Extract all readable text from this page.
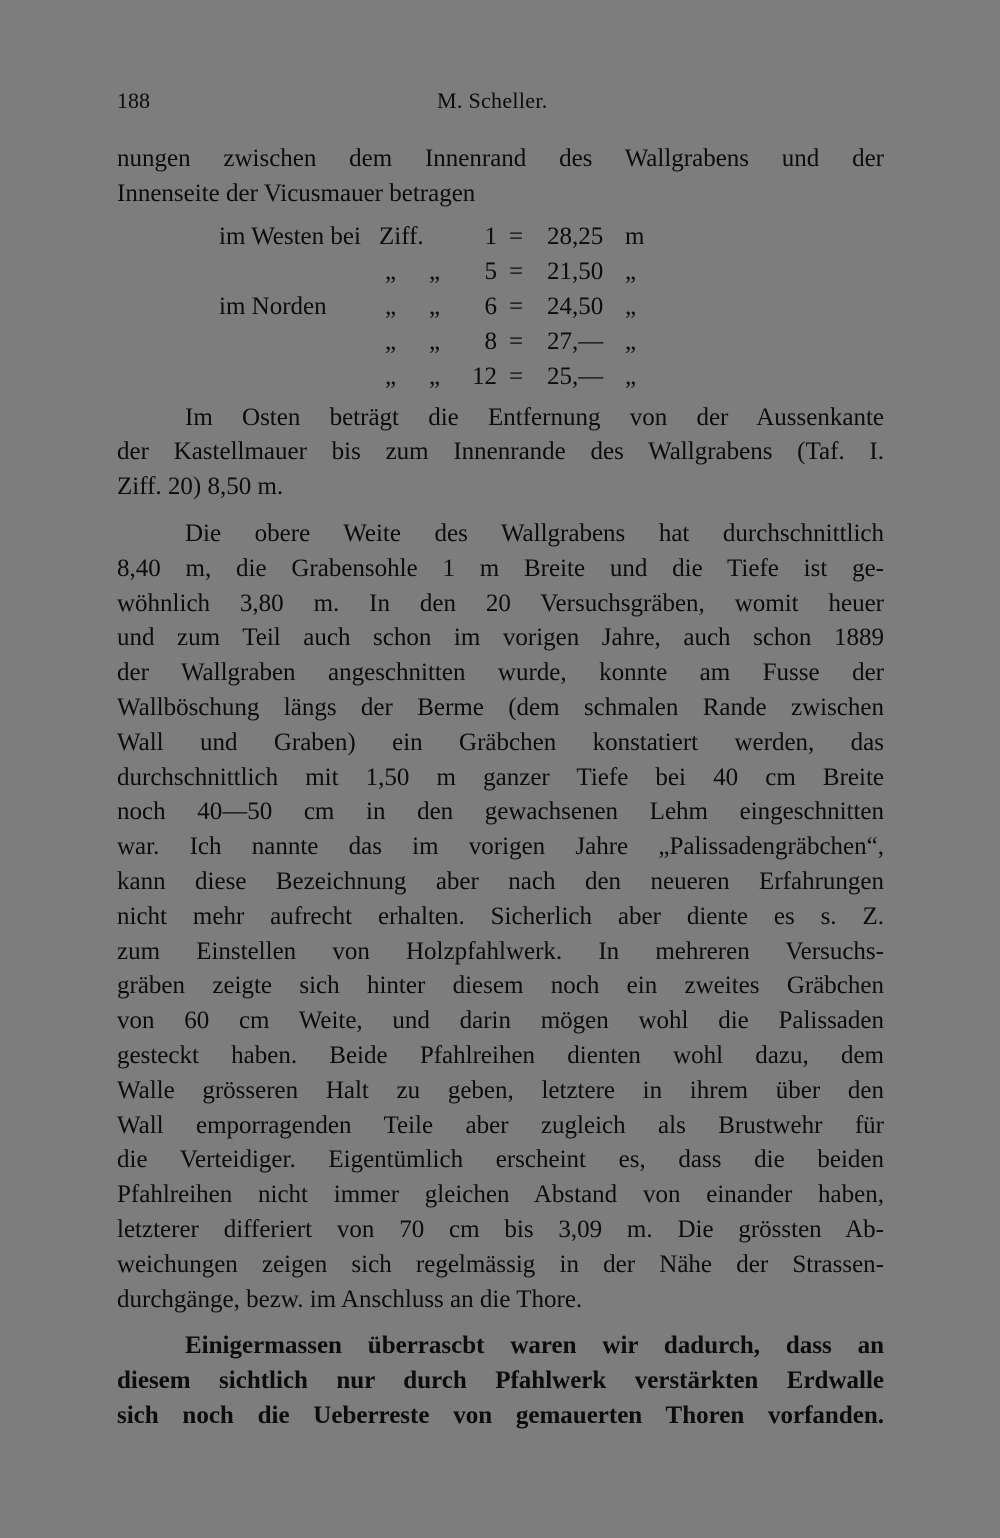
188	M. Scheller.
nungen zwischen dem Innenrand des Wallgrabens und der
Innenseite der Vicusmauer betragen
im Westen bei Ziff.	1 = 28,25 m
„ „	5 = 21,50 „
im Norden „ „	6 = 24,50 „
„ „	8 = 27,— „
„ „	12 = 25,— „
Im Osten beträgt die Entfernung von der Aussenkante
der Kastellmauer bis zum Innenrande des Wallgrabens (Taf. I.
Ziff. 20) 8,50 m.
Die obere Weite des Wallgrabens hat durchschnittlich
8,40 m, die Grabensohle 1 m Breite und die Tiefe ist ge-
wöhnlich 3,80 m. In den 20 Versuchsgräben, womit heuer
und zum Teil auch schon im vorigen Jahre, auch schon 1889
der Wallgraben angeschnitten wurde, konnte am Fusse der
Wallböschung längs der Berme (dem schmalen Rande zwischen
Wall und Graben) ein Gräbchen konstatiert werden, das
durchschnittlich mit 1,50 m ganzer Tiefe bei 40 cm Breite
noch 40—50 cm in den gewachsenen Lehm eingeschnitten
war. Ich nannte das im vorigen Jahre „Palissadengräbchen“,
kann diese Bezeichnung aber nach den neueren Erfahrungen
nicht mehr aufrecht erhalten. Sicherlich aber diente es s. Z.
zum Einstellen von Holzpfahlwerk. In mehreren Versuchs-
gräben zeigte sich hinter diesem noch ein zweites Gräbchen
von 60 cm Weite, und darin mögen wohl die Palissaden
gesteckt haben. Beide Pfahlreihen dienten wohl dazu, dem
Walle grösseren Halt zu geben, letztere in ihrem über den
Wall emporragenden Teile aber zugleich als Brustwehr für
die Verteidiger. Eigentümlich erscheint es, dass die beiden
Pfahlreihen nicht immer gleichen Abstand von einander haben,
letzterer differiert von 70 cm bis 3,09 m. Die grössten Ab-
weichungen zeigen sich regelmässig in der Nähe der Strassen-
durchgänge, bezw. im Anschluss an die Thore.
Einigermassen überrascbt waren wir dadurch, dass an
diesem sichtlich nur durch Pfahlwerk verstärkten Erdwalle
sich noch die Ueberreste von gemauerten Thoren vorfanden.
